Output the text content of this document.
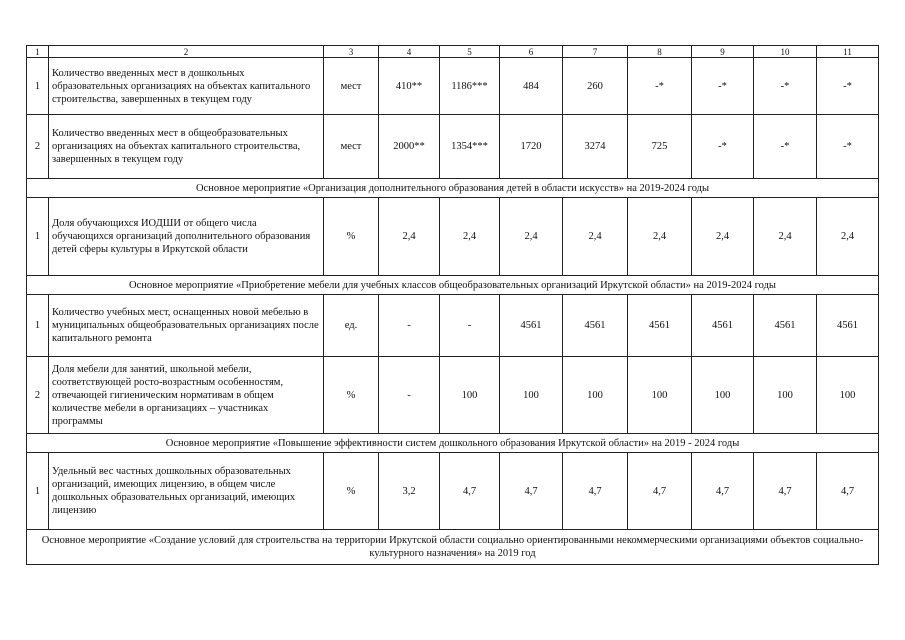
1	2	3	4	5	6	7	8	9	10	11
1	Количество введенных мест в дошкольных образовательных организациях на объектах капитального строительства, завершенных в текущем году	мест	410**	1186***	484	260	-*	-*	-*	-*
2	Количество введенных мест в общеобразовательных организациях на объектах капитального строительства, завершенных в текущем году	мест	2000**	1354***	1720	3274	725	-*	-*	-*
Основное мероприятие «Организация дополнительного образования детей в области искусств» на 2019-2024 годы										
1	Доля обучающихся ИОДШИ от общего числа обучающихся организаций дополнительного образования детей сферы культуры в Иркутской области	%	2,4	2,4	2,4	2,4	2,4	2,4	2,4	2,4
Основное мероприятие «Приобретение мебели для учебных классов общеобразовательных организаций Иркутской области» на 2019-2024 годы										
1	Количество учебных мест, оснащенных новой мебелью в муниципальных общеобразовательных организациях после капитального ремонта	ед.	-	-	4561	4561	4561	4561	4561	4561
2	Доля мебели для занятий, школьной мебели, соответствующей росто-возрастным особенностям, отвечающей гигиеническим нормативам в общем количестве мебели в организациях – участниках программы	%	-	100	100	100	100	100	100	100
Основное мероприятие «Повышение эффективности систем дошкольного образования Иркутской области» на 2019 - 2024 годы										
1	Удельный вес частных дошкольных образовательных организаций, имеющих лицензию, в общем числе дошкольных образовательных организаций, имеющих лицензию	%	3,2	4,7	4,7	4,7	4,7	4,7	4,7	4,7
Основное мероприятие «Создание условий для строительства на территории Иркутской области социально ориентированными некоммерческими организациями объектов социально-культурного назначения» на 2019 год										
